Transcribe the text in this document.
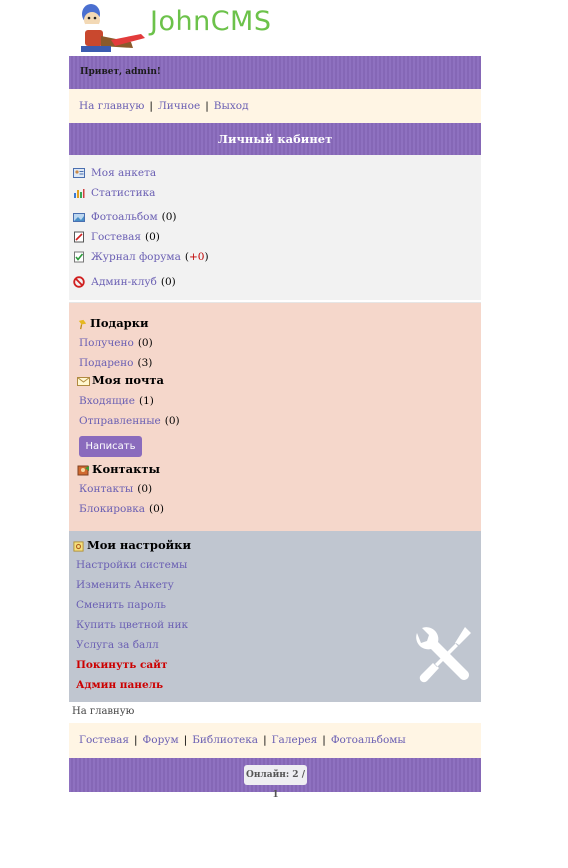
JohnCMS
Привет, admin!
На главную | Личное | Выход
Личный кабинет
Моя анкета
Статистика
Фотоальбом (0)
Гостевая (0)
Журнал форума (+0)
Админ-клуб (0)
Подарки
Получено (0)
Подарено (3)
Моя почта
Входящие (1)
Отправленные (0)
Написать
Контакты
Контакты (0)
Блокировка (0)
Мои настройки
Настройки системы
Изменить Анкету
Сменить пароль
Купить цветной ник
Услуга за балл
Покинуть сайт
Админ панель
На главную
Гостевая | Форум | Библиотека | Галерея | Фотоальбомы
Онлайн: 2 / 1
